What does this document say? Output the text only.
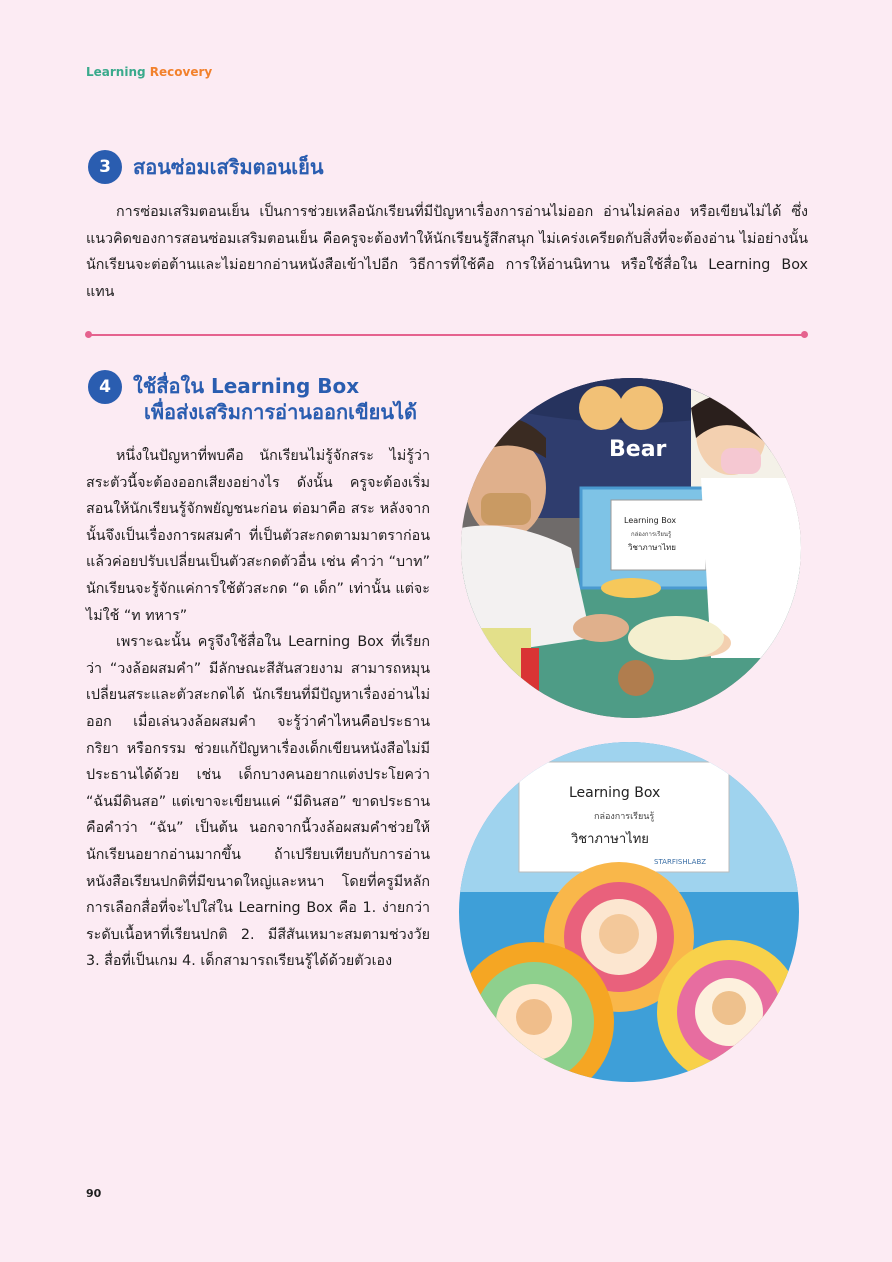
Learning Recovery
3	สอนซ่อมเสริมตอนเย็น

การซ่อมเสริมตอนเย็น เป็นการช่วยเหลือนักเรียนที่มีปัญหาเรื่องการอ่านไม่ออก อ่านไม่คล่อง หรือเขียนไม่ได้ ซึ่งแนวคิดของการสอนซ่อมเสริมตอนเย็น คือครูจะต้องทำให้นักเรียนรู้สึกสนุก ไม่เคร่งเครียดกับสิ่งที่จะต้องอ่าน ไม่อย่างนั้นนักเรียนจะต่อต้านและไม่อยากอ่านหนังสือเข้าไปอีก วิธีการที่ใช้คือ การให้อ่านนิทาน หรือใช้สื่อใน Learning Box แทน

4	ใช้สื่อใน Learning Box
เพื่อส่งเสริมการอ่านออกเขียนได้

หนึ่งในปัญหาที่พบคือ นักเรียนไม่รู้จักสระ ไม่รู้ว่าสระตัวนี้จะต้องออกเสียงอย่างไร ดังนั้น ครูจะต้องเริ่มสอนให้นักเรียนรู้จักพยัญชนะก่อน ต่อมาคือ สระ หลังจากนั้นจึงเป็นเรื่องการผสมคำ ที่เป็นตัวสะกดตามมาตราก่อน แล้วค่อยปรับเปลี่ยนเป็นตัวสะกดตัวอื่น เช่น คำว่า “บาท” นักเรียนจะรู้จักแค่การใช้ตัวสะกด “ด เด็ก” เท่านั้น แต่จะไม่ใช้ “ท ทหาร”

เพราะฉะนั้น ครูจึงใช้สื่อใน Learning Box ที่เรียกว่า “วงล้อผสมคำ” มีลักษณะสีสันสวยงาม สามารถหมุนเปลี่ยนสระและตัวสะกดได้ นักเรียนที่มีปัญหาเรื่องอ่านไม่ออก เมื่อเล่นวงล้อผสมคำ จะรู้ว่าคำไหนคือประธาน กริยา หรือกรรม ช่วยแก้ปัญหาเรื่องเด็กเขียนหนังสือไม่มีประธานได้ด้วย เช่น เด็กบางคนอยากแต่งประโยคว่า “ฉันมีดินสอ” แต่เขาจะเขียนแค่ “มีดินสอ” ขาดประธาน คือคำว่า “ฉัน” เป็นต้น นอกจากนี้วงล้อผสมคำช่วยให้นักเรียนอยากอ่านมากขึ้น ถ้าเปรียบเทียบกับการอ่านหนังสือเรียนปกติที่มีขนาดใหญ่และหนา โดยที่ครูมีหลักการเลือกสื่อที่จะไปใส่ใน Learning Box คือ 1. ง่ายกว่าระดับเนื้อหาที่เรียนปกติ 2. มีสีสันเหมาะสมตามช่วงวัย 3. สื่อที่เป็นเกม 4. เด็กสามารถเรียนรู้ได้ด้วยตัวเอง

Bear
Learning Box
กล่องการเรียนรู้
วิชาภาษาไทย
Learning Box
กล่องการเรียนรู้
วิชาภาษาไทย
STARFISHLABZ
90
